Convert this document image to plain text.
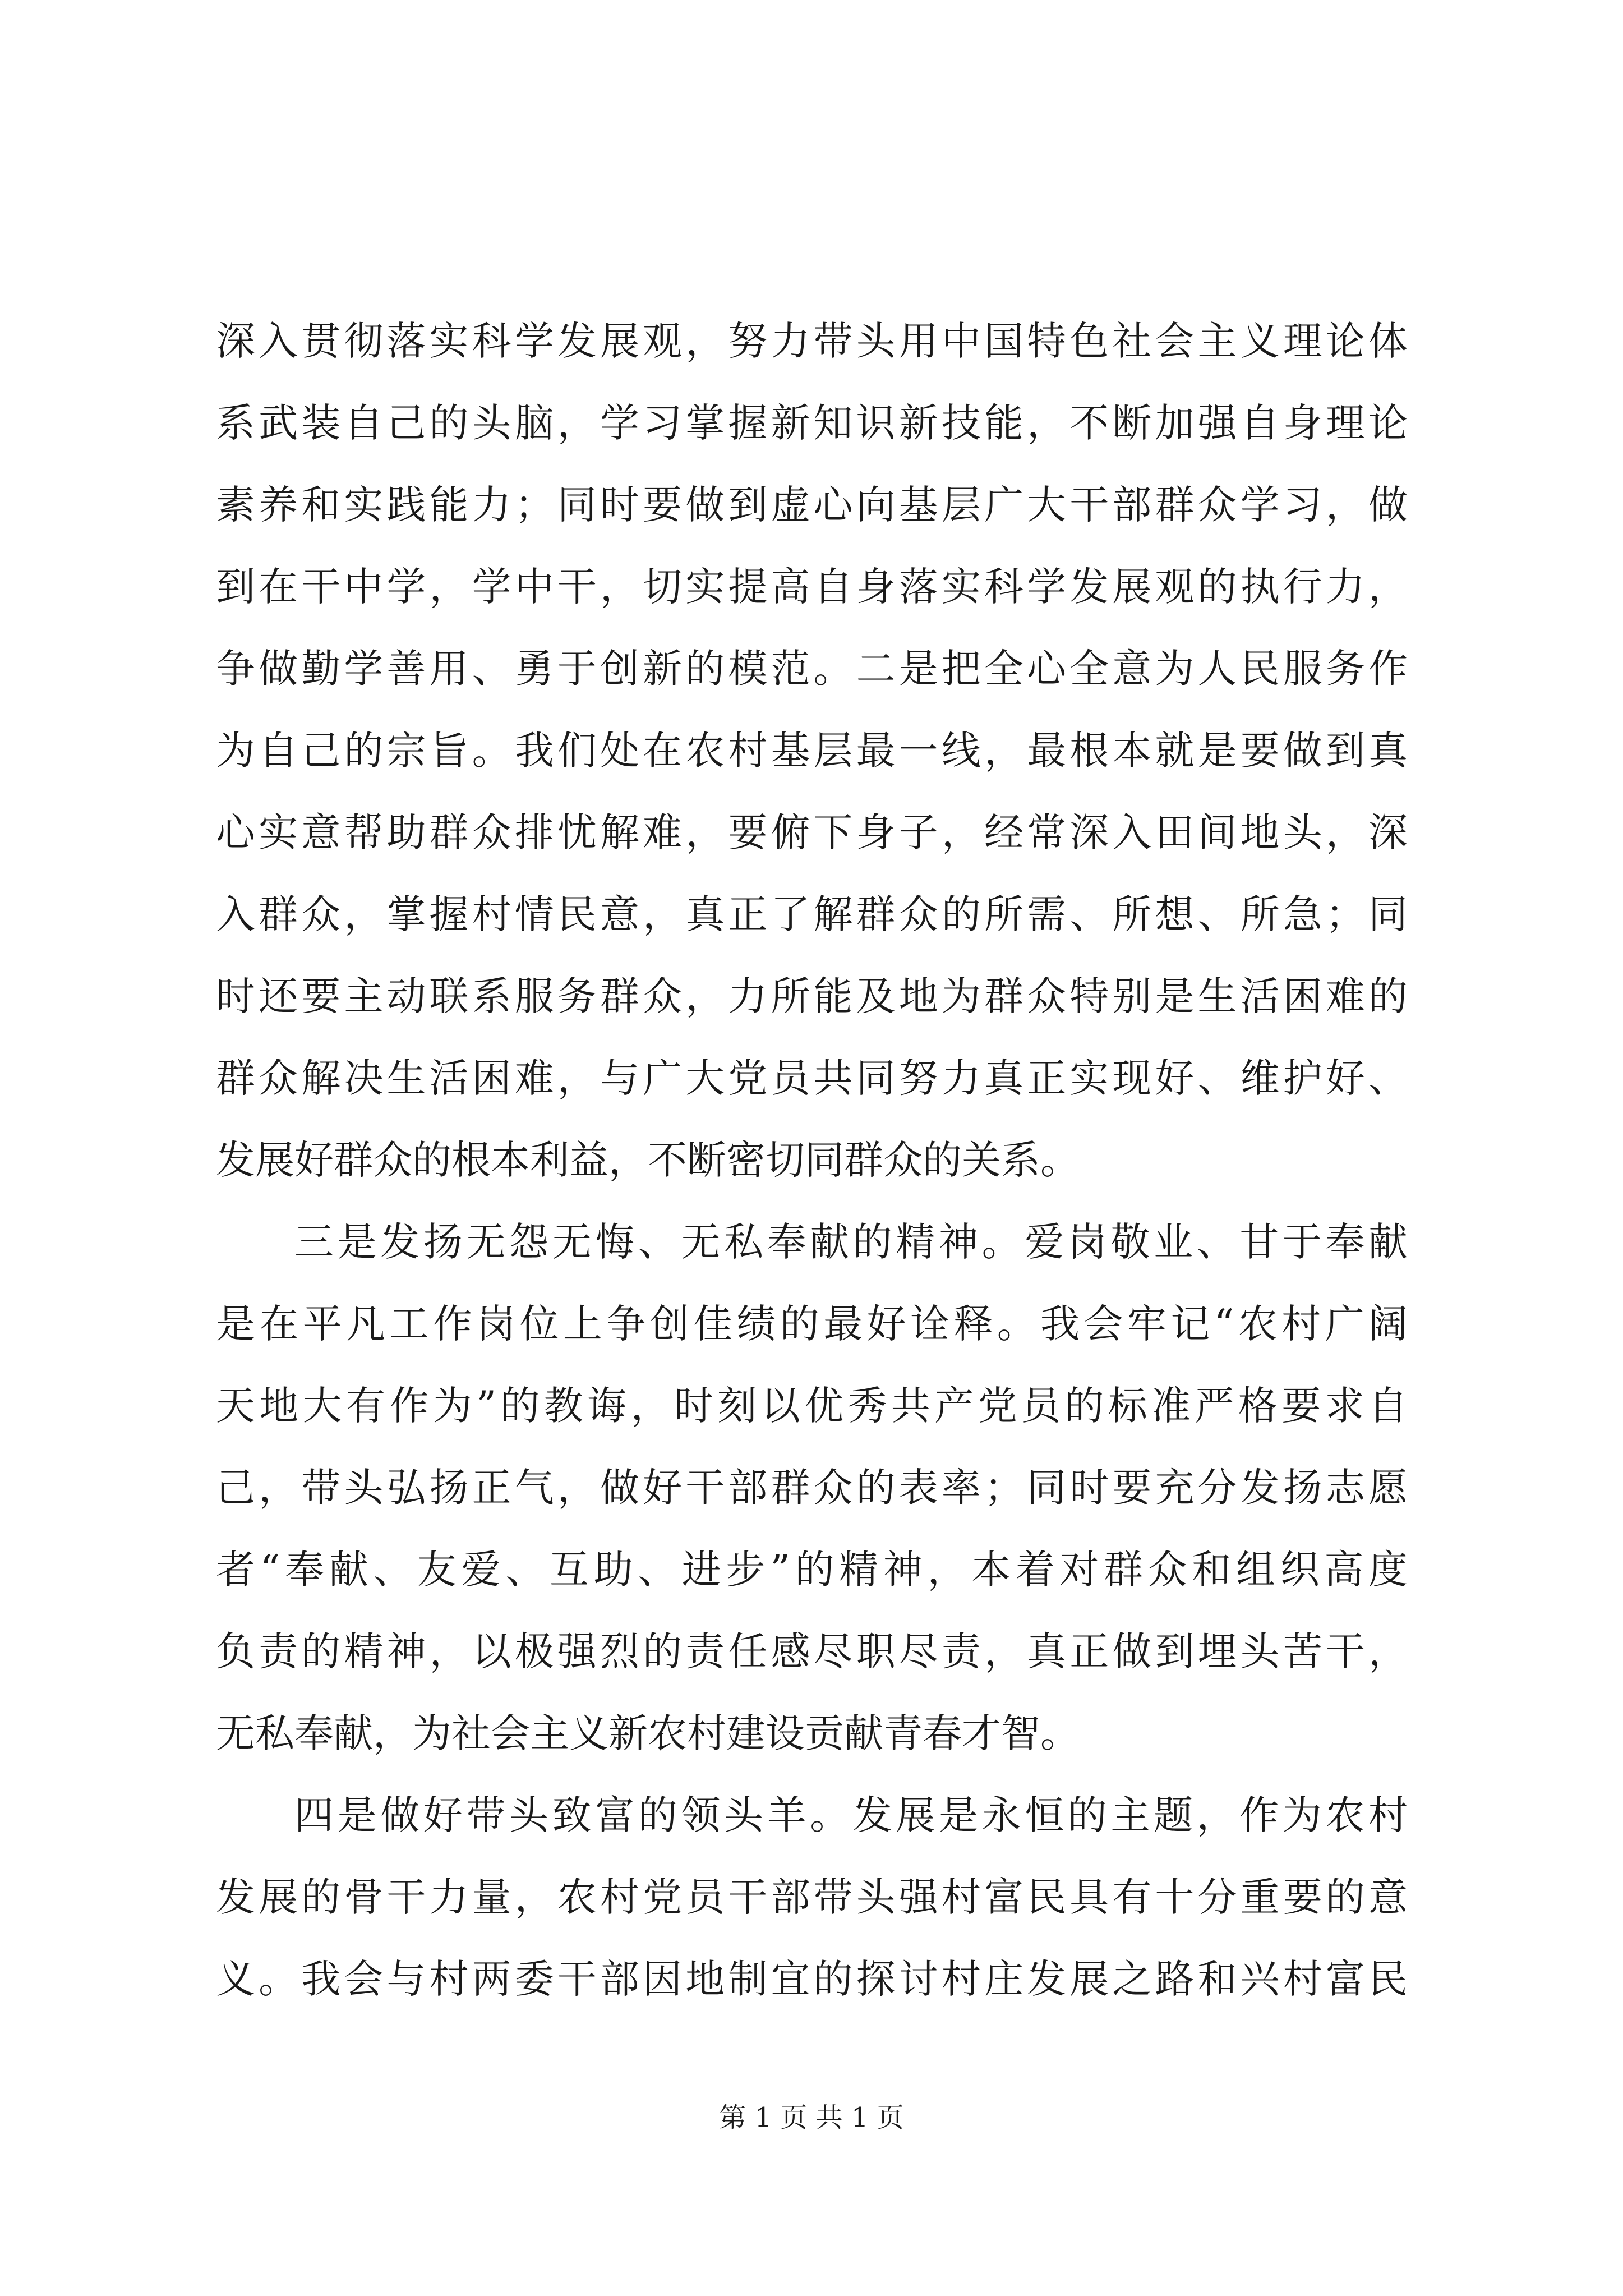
深入贯彻落实科学发展观，努力带头用中国特色社会主义理论体
系武装自己的头脑，学习掌握新知识新技能，不断加强自身理论
素养和实践能力；同时要做到虚心向基层广大干部群众学习，做
到在干中学，学中干，切实提高自身落实科学发展观的执行力，
争做勤学善用、勇于创新的模范。二是把全心全意为人民服务作
为自己的宗旨。我们处在农村基层最一线，最根本就是要做到真
心实意帮助群众排忧解难，要俯下身子，经常深入田间地头，深
入群众，掌握村情民意，真正了解群众的所需、所想、所急；同
时还要主动联系服务群众，力所能及地为群众特别是生活困难的
群众解决生活困难，与广大党员共同努力真正实现好、维护好、
发展好群众的根本利益，不断密切同群众的关系。
三是发扬无怨无悔、无私奉献的精神。爱岗敬业、甘于奉献
是在平凡工作岗位上争创佳绩的最好诠释。我会牢记“农村广阔
天地大有作为”的教诲，时刻以优秀共产党员的标准严格要求自
己，带头弘扬正气，做好干部群众的表率；同时要充分发扬志愿
者“奉献、友爱、互助、进步”的精神，本着对群众和组织高度
负责的精神，以极强烈的责任感尽职尽责，真正做到埋头苦干，
无私奉献，为社会主义新农村建设贡献青春才智。
四是做好带头致富的领头羊。发展是永恒的主题，作为农村
发展的骨干力量，农村党员干部带头强村富民具有十分重要的意
义。我会与村两委干部因地制宜的探讨村庄发展之路和兴村富民
第 1 页 共 1 页
